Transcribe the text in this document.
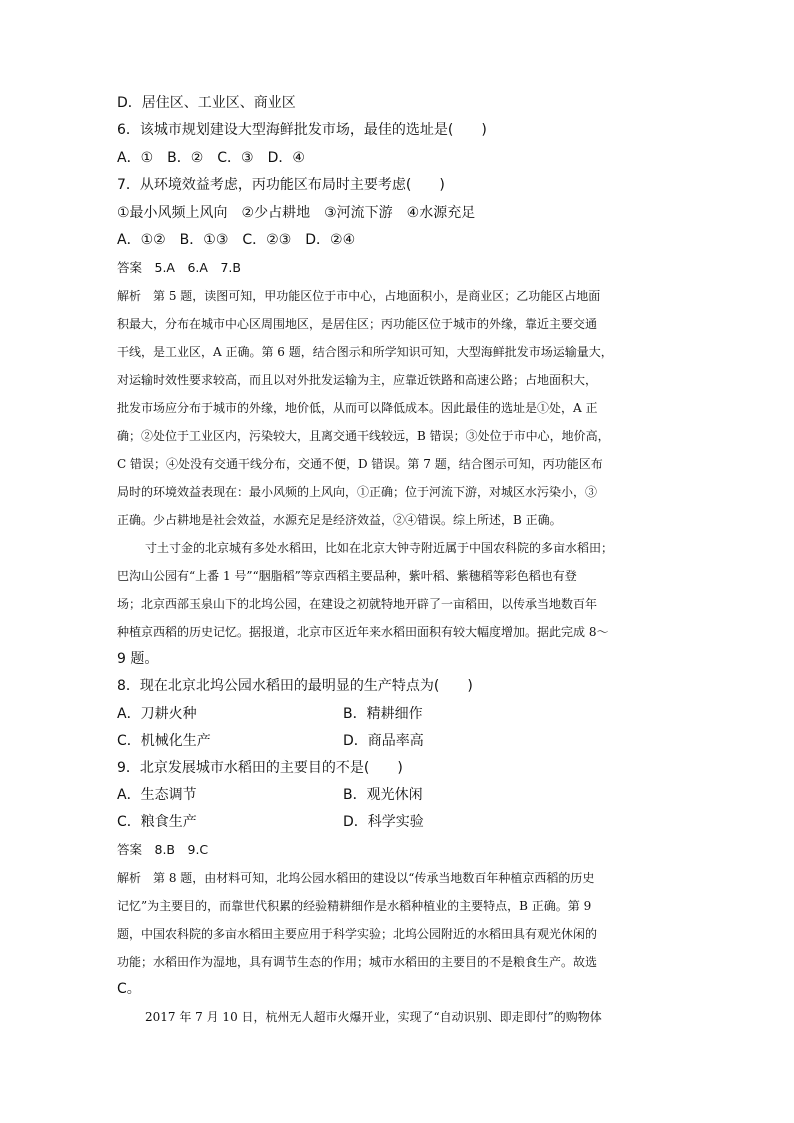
D．居住区、工业区、商业区
6．该城市规划建设大型海鲜批发市场，最佳的选址是(　　)
A．①　B．②　C．③　D．④
7．从环境效益考虑，丙功能区布局时主要考虑(　　)
①最小风频上风向　②少占耕地　③河流下游　④水源充足
A．①②　B．①③　C．②③　D．②④
答案　5.A　6.A　7.B
解析　第 5 题，读图可知，甲功能区位于市中心，占地面积小，是商业区；乙功能区占地面
积最大，分布在城市中心区周围地区，是居住区；丙功能区位于城市的外缘，靠近主要交通
干线，是工业区，A 正确。第 6 题，结合图示和所学知识可知，大型海鲜批发市场运输量大，
对运输时效性要求较高，而且以对外批发运输为主，应靠近铁路和高速公路；占地面积大，
批发市场应分布于城市的外缘，地价低，从而可以降低成本。因此最佳的选址是①处，A 正
确；②处位于工业区内，污染较大，且离交通干线较远，B 错误；③处位于市中心，地价高，
C 错误；④处没有交通干线分布，交通不便，D 错误。第 7 题，结合图示可知，丙功能区布
局时的环境效益表现在：最小风频的上风向，①正确；位于河流下游，对城区水污染小，③
正确。少占耕地是社会效益，水源充足是经济效益，②④错误。综上所述，B 正确。
寸土寸金的北京城有多处水稻田，比如在北京大钟寺附近属于中国农科院的多亩水稻田；
巴沟山公园有“上番 1 号”“胭脂稻”等京西稻主要品种，紫叶稻、紫穗稻等彩色稻也有登
场；北京西部玉泉山下的北坞公园，在建设之初就特地开辟了一亩稻田，以传承当地数百年
种植京西稻的历史记忆。据报道，北京市区近年来水稻田面积有较大幅度增加。据此完成 8～
9 题。
8．现在北京北坞公园水稻田的最明显的生产特点为(　　)
A．刀耕火种	B．精耕细作
C．机械化生产	D．商品率高
9．北京发展城市水稻田的主要目的不是(　　)
A．生态调节	B．观光休闲
C．粮食生产	D．科学实验
答案　8.B　9.C
解析　第 8 题，由材料可知，北坞公园水稻田的建设以“传承当地数百年种植京西稻的历史
记忆”为主要目的，而靠世代积累的经验精耕细作是水稻种植业的主要特点，B 正确。第 9
题，中国农科院的多亩水稻田主要应用于科学实验；北坞公园附近的水稻田具有观光休闲的
功能；水稻田作为湿地，具有调节生态的作用；城市水稻田的主要目的不是粮食生产。故选
C。
2017 年 7 月 10 日，杭州无人超市火爆开业，实现了“自动识别、即走即付”的购物体
